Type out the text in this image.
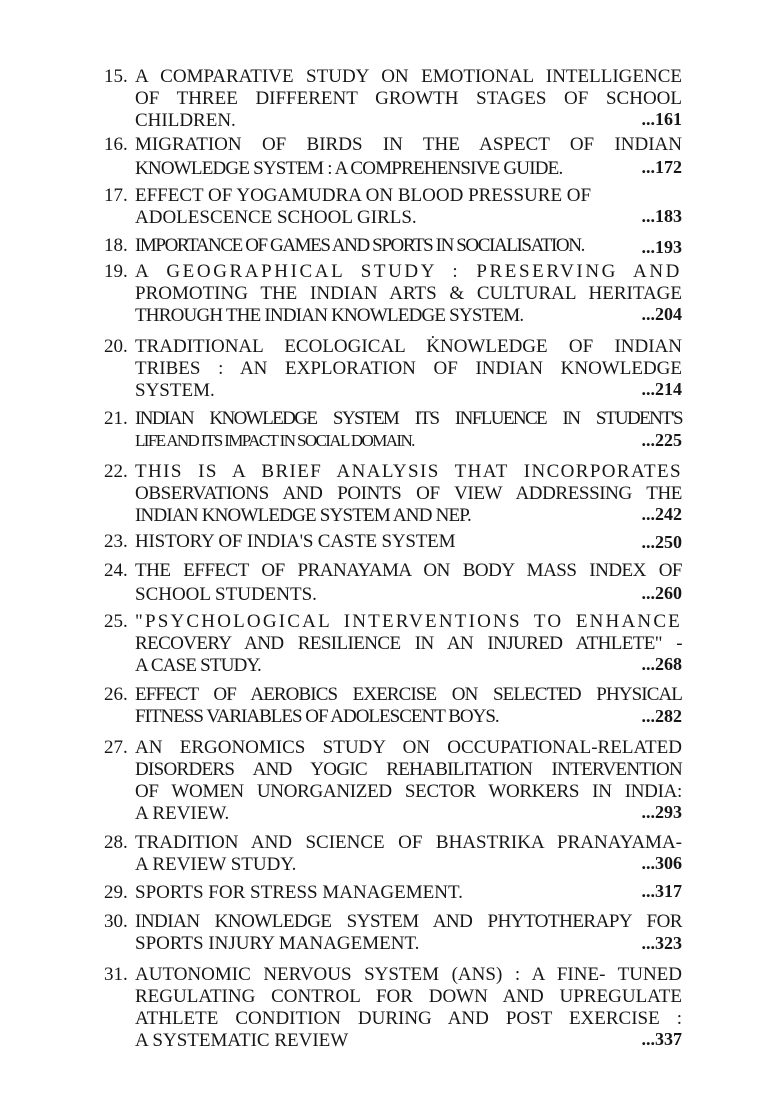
15. A COMPARATIVE STUDY ON EMOTIONAL INTELLIGENCE
OF THREE DIFFERENT GROWTH STAGES OF SCHOOL
CHILDREN.	...161
16. MIGRATION OF BIRDS IN THE ASPECT OF INDIAN
KNOWLEDGE SYSTEM : A COMPREHENSIVE GUIDE.	...172
17. EFFECT OF YOGAMUDRA ON BLOOD PRESSURE OF
ADOLESCENCE SCHOOL GIRLS.	...183
18. IMPORTANCE OF GAMES AND SPORTS IN SOCIALISATION.	...193
19. A GEOGRAPHICAL STUDY : PRESERVING AND
PROMOTING THE INDIAN ARTS & CULTURAL HERITAGE
THROUGH THE INDIAN KNOWLEDGE SYSTEM.	...204
20. TRADITIONAL ECOLOGICAL K̇NOWLEDGE OF INDIAN
TRIBES : AN EXPLORATION OF INDIAN KNOWLEDGE
SYSTEM.	...214
21. INDIAN KNOWLEDGE SYSTEM ITS INFLUENCE IN STUDENT'S
LIFE AND ITS IMPACT IN SOCIAL DOMAIN.	...225
22. THIS IS A BRIEF ANALYSIS THAT INCORPORATES
OBSERVATIONS AND POINTS OF VIEW ADDRESSING THE
INDIAN KNOWLEDGE SYSTEM AND NEP.	...242
23. HISTORY OF INDIA'S CASTE SYSTEM	...250
24. THE EFFECT OF PRANAYAMA ON BODY MASS INDEX OF
SCHOOL STUDENTS.	...260
25. "PSYCHOLOGICAL INTERVENTIONS TO ENHANCE
RECOVERY AND RESILIENCE IN AN INJURED ATHLETE" -
A CASE STUDY.	...268
26. EFFECT OF AEROBICS EXERCISE ON SELECTED PHYSICAL
FITNESS VARIABLES OF ADOLESCENT BOYS.	...282
27. AN ERGONOMICS STUDY ON OCCUPATIONAL-RELATED
DISORDERS AND YOGIC REHABILITATION INTERVENTION
OF WOMEN UNORGANIZED SECTOR WORKERS IN INDIA:
A REVIEW.	...293
28. TRADITION AND SCIENCE OF BHASTRIKA PRANAYAMA-
A REVIEW STUDY.	...306
29. SPORTS FOR STRESS MANAGEMENT.	...317
30. INDIAN KNOWLEDGE SYSTEM AND PHYTOTHERAPY FOR
SPORTS INJURY MANAGEMENT.	...323
31. AUTONOMIC NERVOUS SYSTEM (ANS) : A FINE- TUNED
REGULATING CONTROL FOR DOWN AND UPREGULATE
ATHLETE CONDITION DURING AND POST EXERCISE :
A SYSTEMATIC REVIEW	...337
